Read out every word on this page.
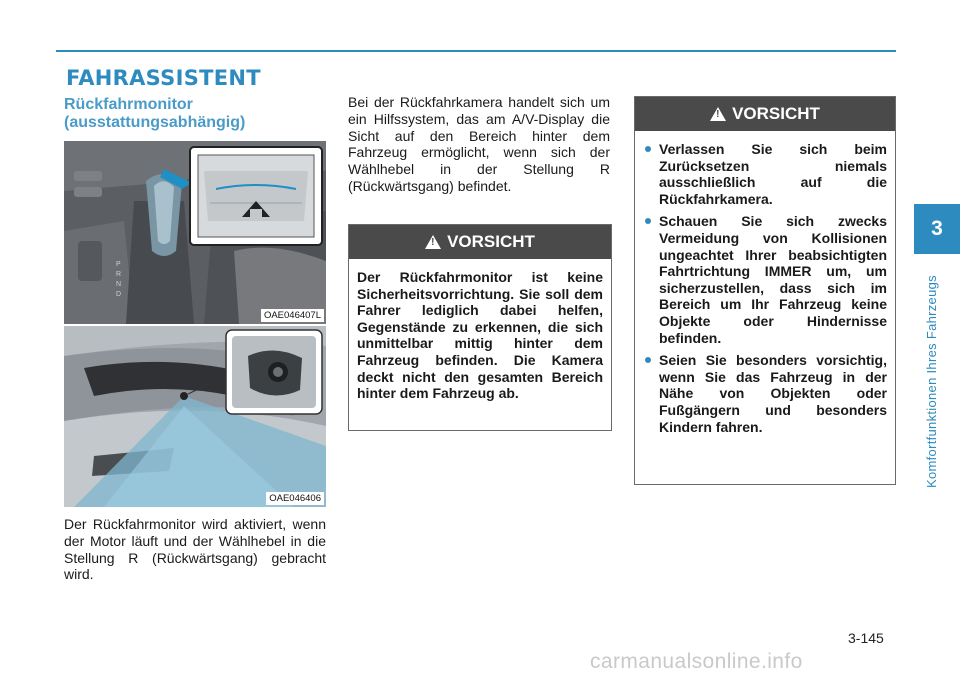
FAHRASSISTENT
Rückfahrmonitor
(ausstattungsabhängig)
P
R
N
D
OAE046407L
OAE046406
Der Rückfahrmonitor wird aktiviert, wenn der Motor läuft und der Wählhebel in die Stellung R (Rückwärtsgang) gebracht wird.
Bei der Rückfahrkamera handelt sich um ein Hilfssystem, das am A/V-Display die Sicht auf den Bereich hinter dem Fahrzeug ermöglicht, wenn sich der Wählhebel in der Stellung R (Rückwärtsgang) befindet.
!
VORSICHT
Der Rückfahrmonitor ist keine Sicherheitsvorrichtung. Sie soll dem Fahrer lediglich dabei helfen, Gegenstände zu erkennen, die sich unmittelbar mittig hinter dem Fahrzeug befinden. Die Kamera deckt nicht den gesamten Bereich hinter dem Fahrzeug ab.
!
VORSICHT
Verlassen Sie sich beim Zurücksetzen niemals ausschließlich auf die Rückfahrkamera.
Schauen Sie sich zwecks Vermeidung von Kollisionen ungeachtet Ihrer beabsichtigten Fahrtrichtung IMMER um, um sicherzustellen, dass sich im Bereich um Ihr Fahrzeug keine Objekte oder Hindernisse befinden.
Seien Sie besonders vorsichtig, wenn Sie das Fahrzeug in der Nähe von Objekten oder Fußgängern und besonders Kindern fahren.
3
Komfortfunktionen Ihres Fahrzeugs
3-145
carmanualsonline.info
